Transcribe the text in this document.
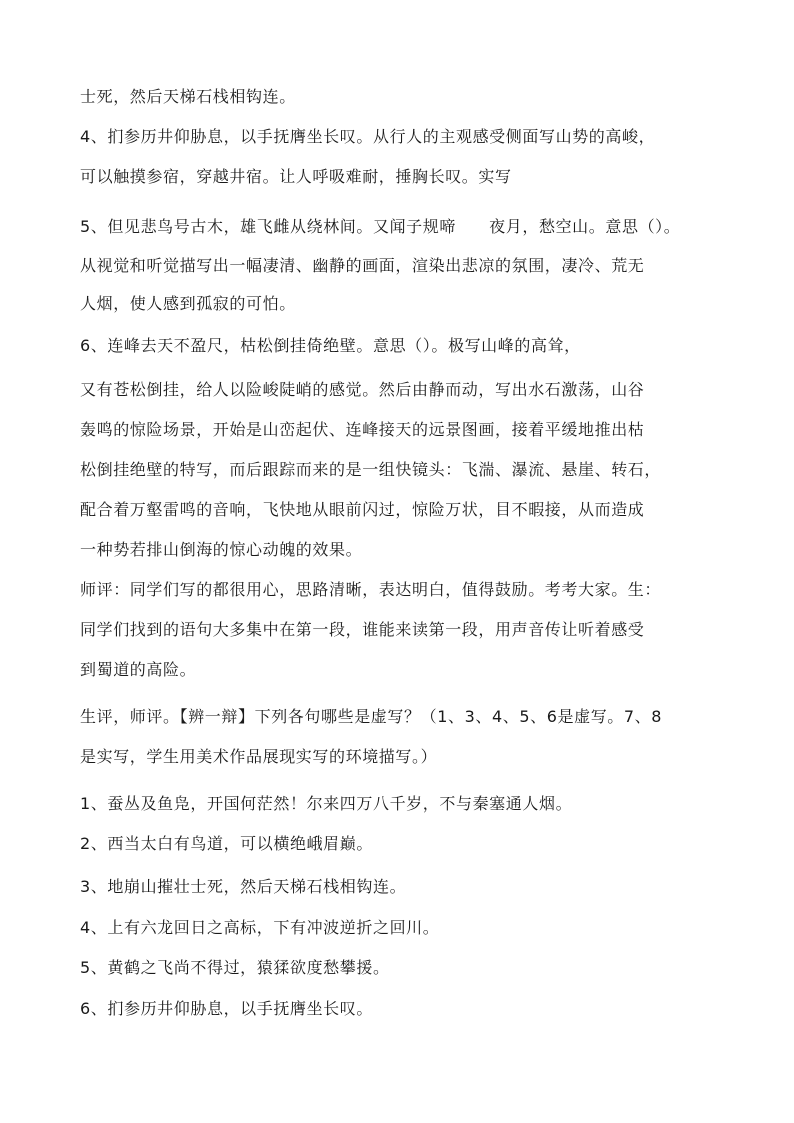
士死，然后天梯石栈相钩连。
4、扪参历井仰胁息，以手抚膺坐长叹。从行人的主观感受侧面写山势的高峻，
可以触摸参宿，穿越井宿。让人呼吸难耐，捶胸长叹。实写
5、但见悲鸟号古木，雄飞雌从绕林间。又闻子规啼　　夜月，愁空山。意思（）。
从视觉和听觉描写出一幅凄清、幽静的画面，渲染出悲凉的氛围，凄冷、荒无
人烟，使人感到孤寂的可怕。
6、连峰去天不盈尺，枯松倒挂倚绝壁。意思（）。极写山峰的高耸，
又有苍松倒挂，给人以险峻陡峭的感觉。然后由静而动，写出水石激荡，山谷
轰鸣的惊险场景，开始是山峦起伏、连峰接天的远景图画，接着平缓地推出枯
松倒挂绝壁的特写，而后跟踪而来的是一组快镜头：飞湍、瀑流、悬崖、转石，
配合着万壑雷鸣的音响，飞快地从眼前闪过，惊险万状，目不暇接，从而造成
一种势若排山倒海的惊心动魄的效果。
师评：同学们写的都很用心，思路清晰，表达明白，值得鼓励。考考大家。生：
同学们找到的语句大多集中在第一段，谁能来读第一段，用声音传让听着感受
到蜀道的高险。
生评，师评。【辨一辩】下列各句哪些是虚写？（1、3、4、5、6是虚写。7、8
是实写，学生用美术作品展现实写的环境描写。）
1、蚕丛及鱼凫，开国何茫然！尔来四万八千岁，不与秦塞通人烟。
2、西当太白有鸟道，可以横绝峨眉巅。
3、地崩山摧壮士死，然后天梯石栈相钩连。
4、上有六龙回日之高标，下有冲波逆折之回川。
5、黄鹤之飞尚不得过，猿猱欲度愁攀援。
6、扪参历井仰胁息，以手抚膺坐长叹。
